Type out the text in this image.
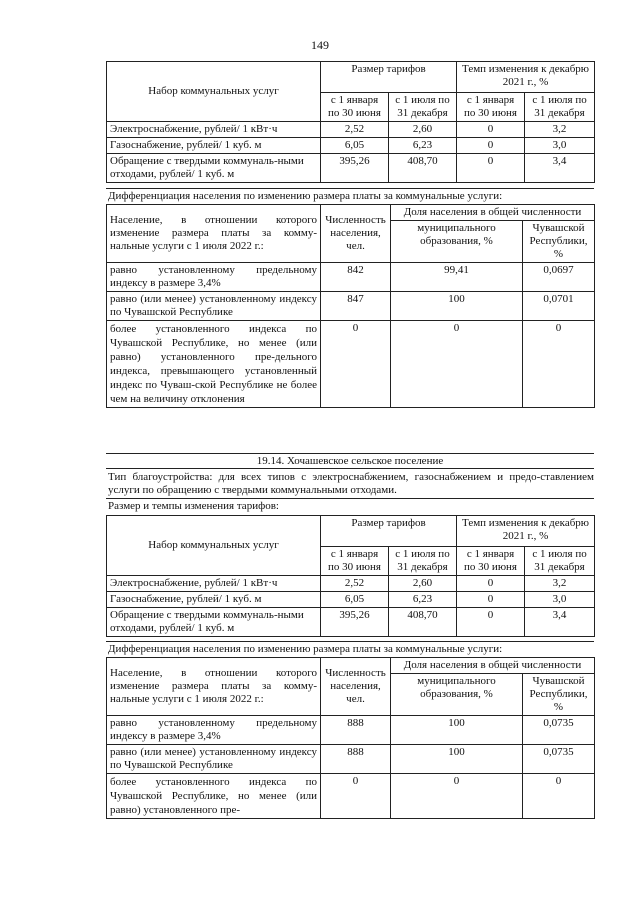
149
Набор коммунальных услуг	Размер тарифов		Темп изменения к декабрю 2021 г., %	
	с 1 января по 30 июня	с 1 июля по 31 декабря	с 1 января по 30 июня	с 1 июля по 31 декабря
Электроснабжение, рублей/ 1 кВт·ч	2,52	2,60	0	3,2
Газоснабжение, рублей/ 1 куб. м	6,05	6,23	0	3,0
Обращение с твердыми коммуналь-ными отходами, рублей/ 1 куб. м	395,26	408,70	0	3,4
Дифференциация населения по изменению размера платы за коммунальные услуги:
Население, в отношении которого изменение размера платы за комму-нальные услуги с 1 июля 2022 г.:	Численность населения, чел.	Доля населения в общей численности	
		муниципального образования, %	Чувашской Республики, %
равно установленному предельному индексу в размере 3,4%	842	99,41	0,0697
равно (или менее) установленному индексу по Чувашской Республике	847	100	0,0701
более установленного индекса по Чувашской Республике, но менее (или равно) установленного пре-дельного индекса, превышающего установленный индекс по Чуваш-ской Республике не более чем на величину отклонения	0	0	0
19.14. Хочашевское сельское поселение
Тип благоустройства: для всех типов с электроснабжением, газоснабжением и предо-ставлением услуги по обращению с твердыми коммунальными отходами.
Размер и темпы изменения тарифов:
Набор коммунальных услуг	Размер тарифов		Темп изменения к декабрю 2021 г., %	
	с 1 января по 30 июня	с 1 июля по 31 декабря	с 1 января по 30 июня	с 1 июля по 31 декабря
Электроснабжение, рублей/ 1 кВт·ч	2,52	2,60	0	3,2
Газоснабжение, рублей/ 1 куб. м	6,05	6,23	0	3,0
Обращение с твердыми коммуналь-ными отходами, рублей/ 1 куб. м	395,26	408,70	0	3,4
Дифференциация населения по изменению размера платы за коммунальные услуги:
Население, в отношении которого изменение размера платы за комму-нальные услуги с 1 июля 2022 г.:	Численность населения, чел.	Доля населения в общей численности	
		муниципального образования, %	Чувашской Республики, %
равно установленному предельному индексу в размере 3,4%	888	100	0,0735
равно (или менее) установленному индексу по Чувашской Республике	888	100	0,0735
более установленного индекса по Чувашской Республике, но менее (или равно) установленного пре-	0	0	0
